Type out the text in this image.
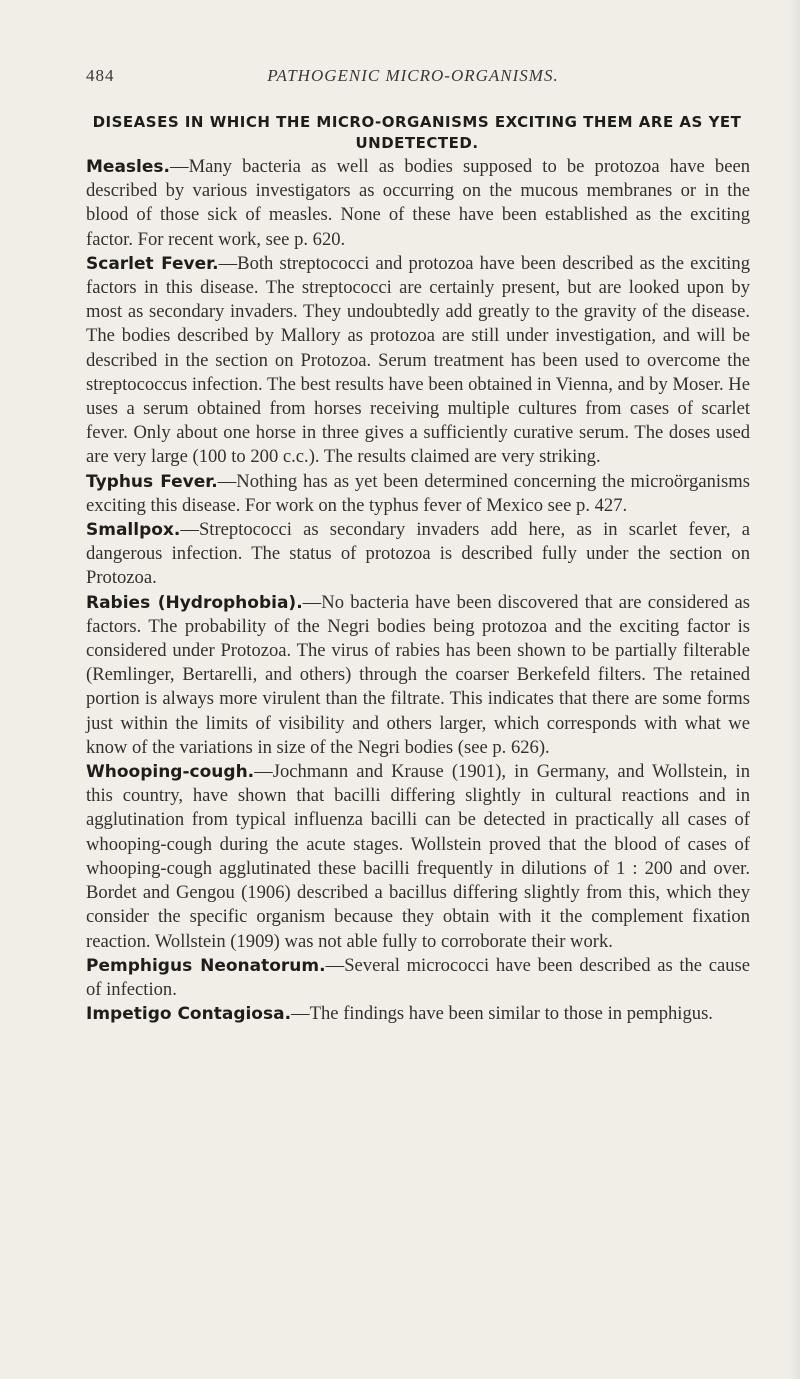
484	PATHOGENIC MICRO-ORGANISMS.
DISEASES IN WHICH THE MICRO-ORGANISMS EXCITING THEM ARE AS YET UNDETECTED.

Measles.—Many bacteria as well as bodies supposed to be protozoa have been described by various investigators as occurring on the mucous membranes or in the blood of those sick of measles. None of these have been established as the exciting factor. For recent work, see p. 620.

Scarlet Fever.—Both streptococci and protozoa have been described as the exciting factors in this disease. The streptococci are certainly present, but are looked upon by most as secondary invaders. They undoubtedly add greatly to the gravity of the disease. The bodies described by Mallory as protozoa are still under investigation, and will be described in the section on Protozoa. Serum treatment has been used to overcome the streptococcus infection. The best results have been obtained in Vienna, and by Moser. He uses a serum obtained from horses receiving multiple cultures from cases of scarlet fever. Only about one horse in three gives a sufficiently curative serum. The doses used are very large (100 to 200 c.c.). The results claimed are very striking.

Typhus Fever.—Nothing has as yet been determined concerning the microörganisms exciting this disease. For work on the typhus fever of Mexico see p. 427.

Smallpox.—Streptococci as secondary invaders add here, as in scarlet fever, a dangerous infection. The status of protozoa is described fully under the section on Protozoa.

Rabies (Hydrophobia).—No bacteria have been discovered that are considered as factors. The probability of the Negri bodies being protozoa and the exciting factor is considered under Protozoa. The virus of rabies has been shown to be partially filterable (Remlinger, Bertarelli, and others) through the coarser Berkefeld filters. The retained portion is always more virulent than the filtrate. This indicates that there are some forms just within the limits of visibility and others larger, which corresponds with what we know of the variations in size of the Negri bodies (see p. 626).

Whooping-cough.—Jochmann and Krause (1901), in Germany, and Wollstein, in this country, have shown that bacilli differing slightly in cultural reactions and in agglutination from typical influenza bacilli can be detected in practically all cases of whooping-cough during the acute stages. Wollstein proved that the blood of cases of whooping-cough agglutinated these bacilli frequently in dilutions of 1 : 200 and over. Bordet and Gengou (1906) described a bacillus differing slightly from this, which they consider the specific organism because they obtain with it the complement fixation reaction. Wollstein (1909) was not able fully to corroborate their work.

Pemphigus Neonatorum.—Several micrococci have been described as the cause of infection.

Impetigo Contagiosa.—The findings have been similar to those in pemphigus.
